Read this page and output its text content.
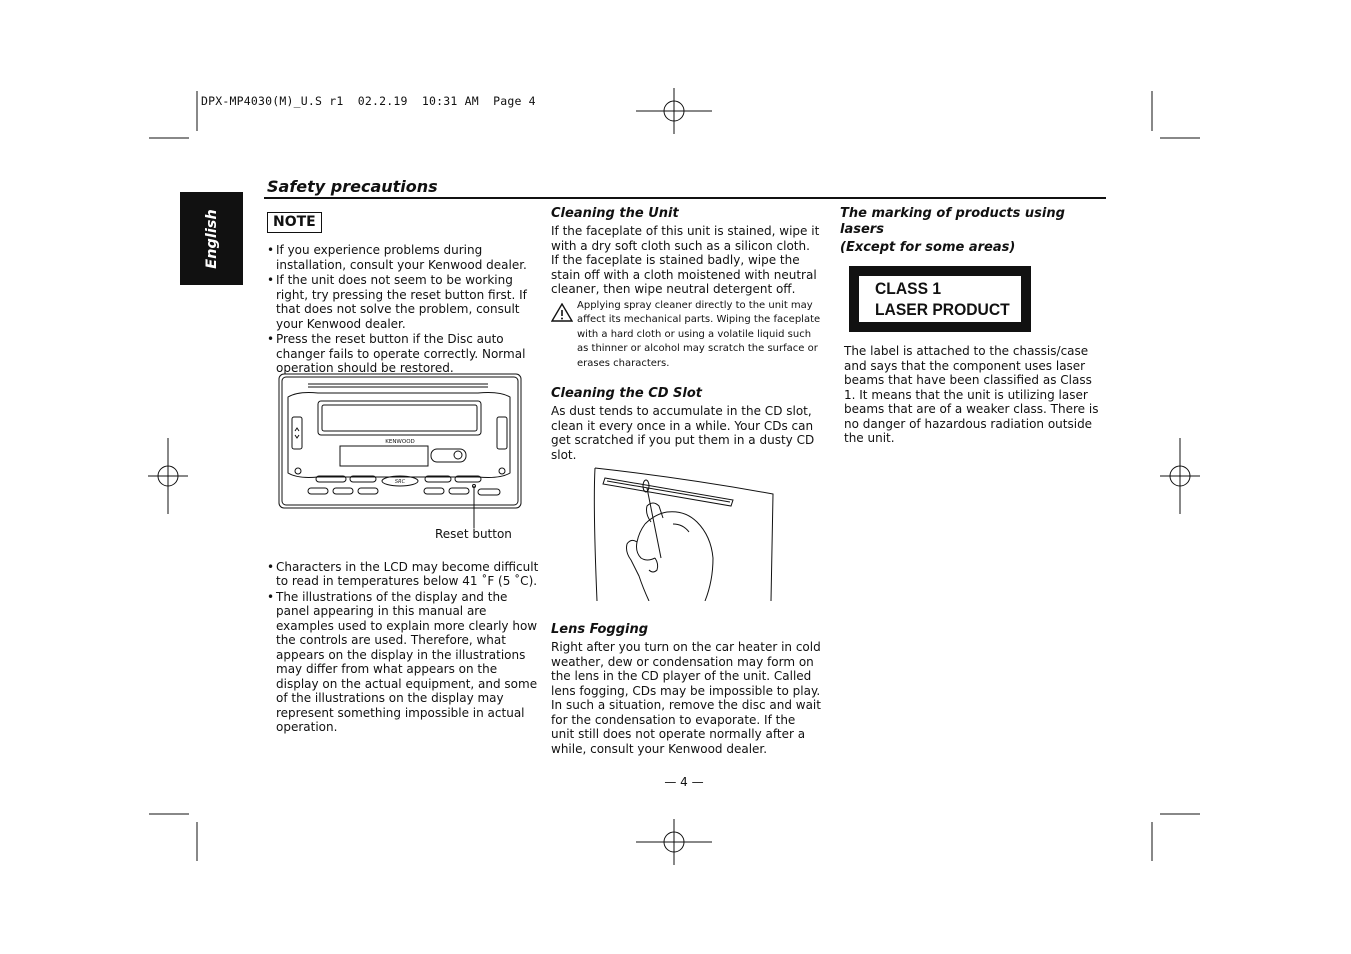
DPX-MP4030(M)_U.S r1  02.2.19  10:31 AM  Page 4
English
Safety precautions
NOTE
• If you experience problems during installation, consult your Kenwood dealer.
• If the unit does not seem to be working right, try pressing the reset button first. If that does not solve the problem, consult your Kenwood dealer.
• Press the reset button if the Disc auto changer fails to operate correctly. Normal operation should be restored.
• Characters in the LCD may become difficult to read in temperatures below 41 ˚F (5 ˚C).
• The illustrations of the display and the panel appearing in this manual are examples used to explain more clearly how the controls are used. Therefore, what appears on the display in the illustrations may differ from what appears on the display on the actual equipment, and some of the illustrations on the display may represent something impossible in actual operation.
KENWOOD
SRC
Reset button
Cleaning the Unit

If the faceplate of this unit is stained, wipe it with a dry soft cloth such as a silicon cloth.

If the faceplate is stained badly, wipe the stain off with a cloth moistened with neutral cleaner, then wipe neutral detergent off.

Applying spray cleaner directly to the unit may affect its mechanical parts. Wiping the faceplate with a hard cloth or using a volatile liquid such as thinner or alcohol may scratch the surface or erases characters.
Cleaning the CD Slot

As dust tends to accumulate in the CD slot, clean it every once in a while. Your CDs can get scratched if you put them in a dusty CD slot.

Lens Fogging

Right after you turn on the car heater in cold weather, dew or condensation may form on the lens in the CD player of the unit. Called lens fogging, CDs may be impossible to play. In such a situation, remove the disc and wait for the condensation to evaporate. If the unit still does not operate normally after a while, consult your Kenwood dealer.

The marking of products using lasers
(Except for some areas)
CLASS 1
LASER PRODUCT

The label is attached to the chassis/case and says that the component uses laser beams that have been classified as Class 1. It means that the unit is utilizing laser beams that are of a weaker class. There is no danger of hazardous radiation outside the unit.

— 4 —
